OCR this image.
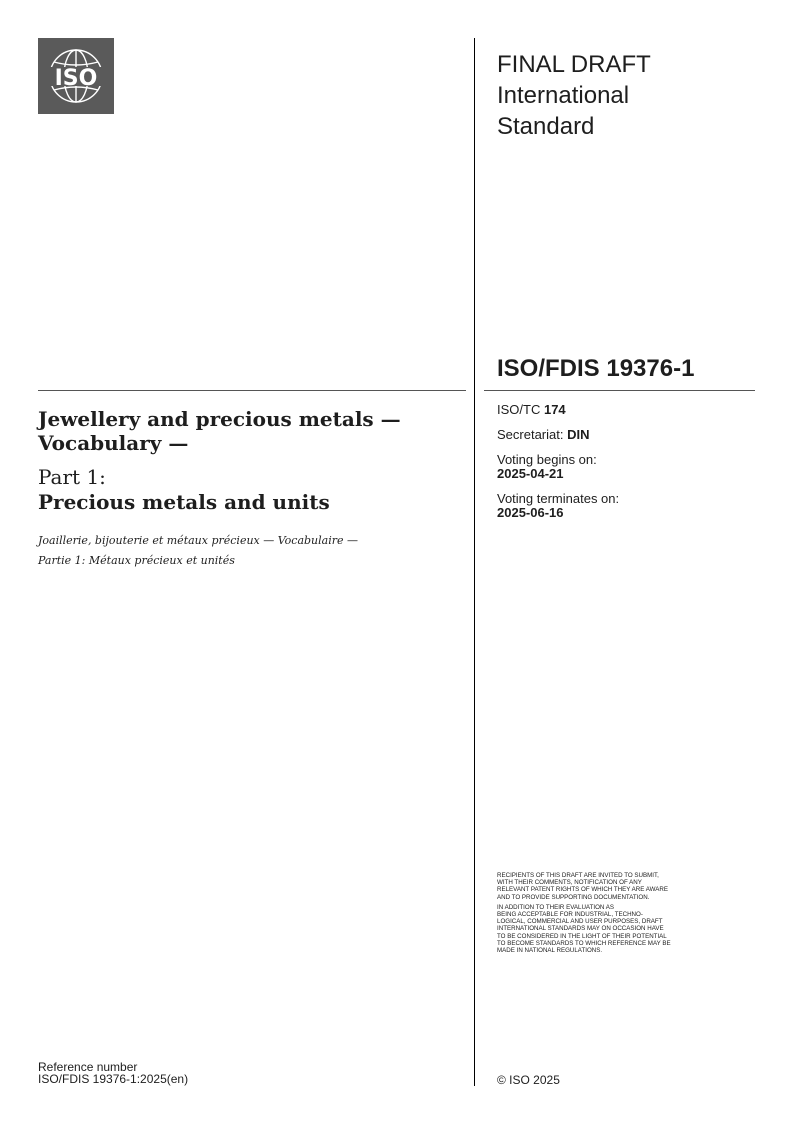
ISO
FINAL DRAFT
International
Standard
ISO/FDIS 19376-1
Jewellery and precious metals —
Vocabulary —
Part 1:
Precious metals and units
Joaillerie, bijouterie et métaux précieux — Vocabulaire —
Partie 1: Métaux précieux et unités
ISO/TC 174
Secretariat: DIN
Voting begins on:
2025-04-21
Voting terminates on:
2025-06-16

RECIPIENTS OF THIS DRAFT ARE INVITED TO SUBMIT,
WITH THEIR COMMENTS, NOTIFICATION OF ANY
RELEVANT PATENT RIGHTS OF WHICH THEY ARE AWARE
AND TO PROVIDE SUPPORTING DOCUMENTATION.

IN ADDITION TO THEIR EVALUATION AS
BEING ACCEPTABLE FOR INDUSTRIAL, TECHNO-
LOGICAL, COMMERCIAL AND USER PURPOSES, DRAFT
INTERNATIONAL STANDARDS MAY ON OCCASION HAVE
TO BE CONSIDERED IN THE LIGHT OF THEIR POTENTIAL
TO BECOME STANDARDS TO WHICH REFERENCE MAY BE
MADE IN NATIONAL REGULATIONS.

Reference number
ISO/FDIS 19376-1:2025(en)	© ISO 2025
